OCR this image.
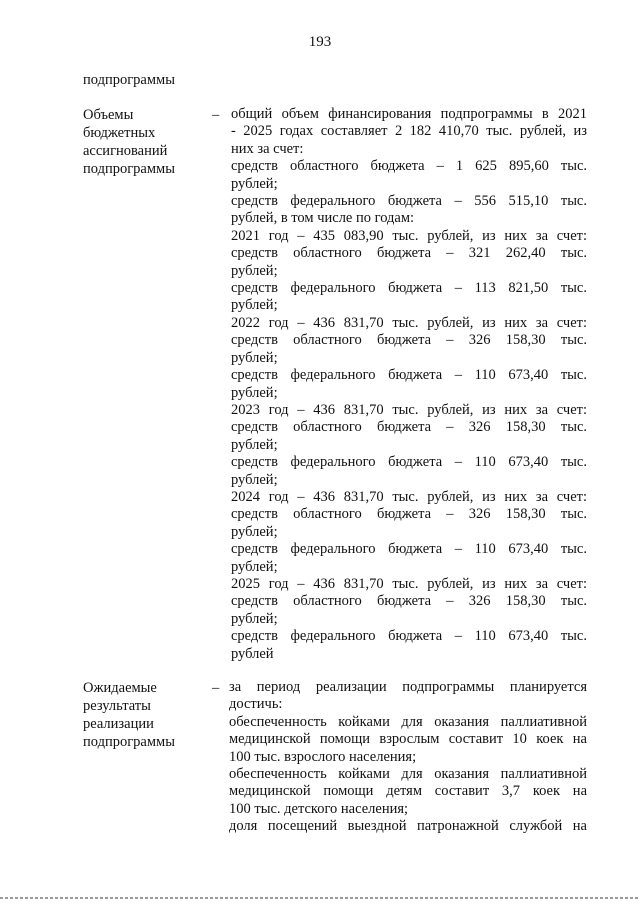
193
подпрограммы
Объемы
бюджетных
ассигнований
подпрограммы
– общий объем финансирования подпрограммы в 2021
- 2025 годах составляет 2 182 410,70 тыс. рублей, из
них за счет:
средств областного бюджета – 1 625 895,60 тыс.
рублей;
средств федерального бюджета – 556 515,10 тыс.
рублей, в том числе по годам:
2021 год – 435 083,90 тыс. рублей, из них за счет:
средств областного бюджета – 321 262,40 тыс.
рублей;
средств федерального бюджета – 113 821,50 тыс.
рублей;
2022 год – 436 831,70 тыс. рублей, из них за счет:
средств областного бюджета – 326 158,30 тыс.
рублей;
средств федерального бюджета – 110 673,40 тыс.
рублей;
2023 год – 436 831,70 тыс. рублей, из них за счет:
средств областного бюджета – 326 158,30 тыс.
рублей;
средств федерального бюджета – 110 673,40 тыс.
рублей;
2024 год – 436 831,70 тыс. рублей, из них за счет:
средств областного бюджета – 326 158,30 тыс.
рублей;
средств федерального бюджета – 110 673,40 тыс.
рублей;
2025 год – 436 831,70 тыс. рублей, из них за счет:
средств областного бюджета – 326 158,30 тыс.
рублей;
средств федерального бюджета – 110 673,40 тыс.
рублей
Ожидаемые
результаты
реализации
подпрограммы
– за период реализации подпрограммы планируется
достичь:
обеспеченность койками для оказания паллиативной
медицинской помощи взрослым составит 10 коек на
100 тыс. взрослого населения;
обеспеченность койками для оказания паллиативной
медицинской помощи детям составит 3,7 коек на
100 тыс. детского населения;
доля посещений выездной патронажной службой на
